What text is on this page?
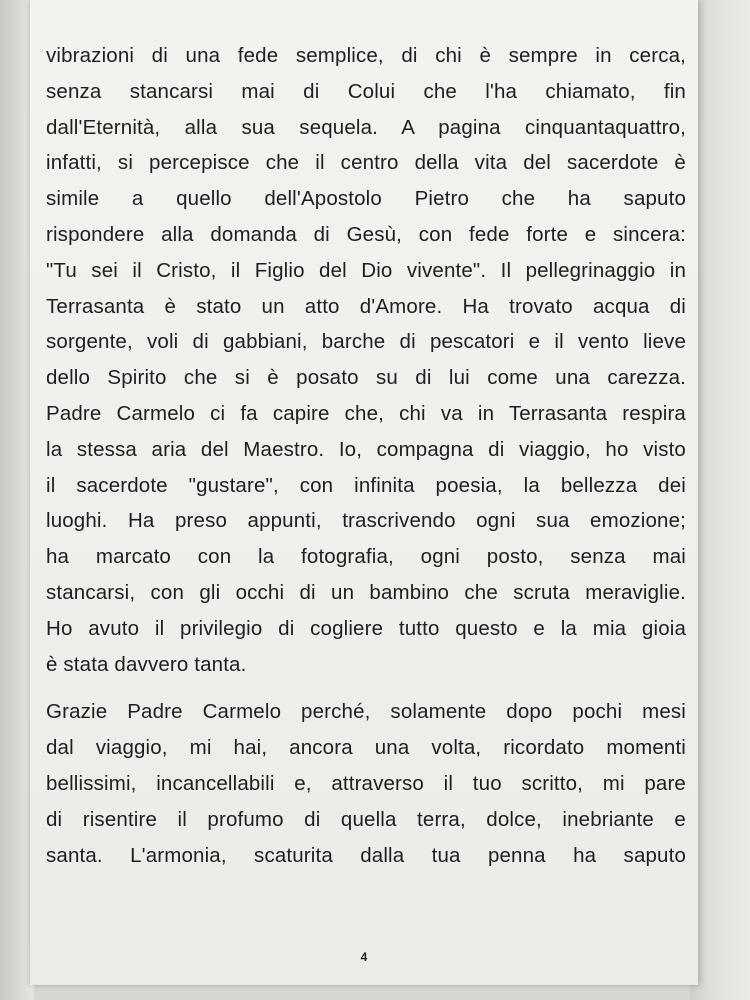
vibrazioni di una fede semplice, di chi è sempre in cerca,
senza stancarsi mai di Colui che l'ha chiamato, fin
dall'Eternità, alla sua sequela. A pagina cinquantaquattro,
infatti, si percepisce che il centro della vita del sacerdote è
simile a quello dell'Apostolo Pietro che ha saputo
rispondere alla domanda di Gesù, con fede forte e sincera:
"Tu sei il Cristo, il Figlio del Dio vivente". Il pellegrinaggio in
Terrasanta è stato un atto d'Amore. Ha trovato acqua di
sorgente, voli di gabbiani, barche di pescatori e il vento lieve
dello Spirito che si è posato su di lui come una carezza.
Padre Carmelo ci fa capire che, chi va in Terrasanta respira
la stessa aria del Maestro. Io, compagna di viaggio, ho visto
il sacerdote "gustare", con infinita poesia, la bellezza dei
luoghi. Ha preso appunti, trascrivendo ogni sua emozione;
ha marcato con la fotografia, ogni posto, senza mai
stancarsi, con gli occhi di un bambino che scruta meraviglie.
Ho avuto il privilegio di cogliere tutto questo e la mia gioia
è stata davvero tanta.
Grazie Padre Carmelo perché, solamente dopo pochi mesi
dal viaggio, mi hai, ancora una volta, ricordato momenti
bellissimi, incancellabili e, attraverso il tuo scritto, mi pare
di risentire il profumo di quella terra, dolce, inebriante e
santa. L'armonia, scaturita dalla tua penna ha saputo
4
